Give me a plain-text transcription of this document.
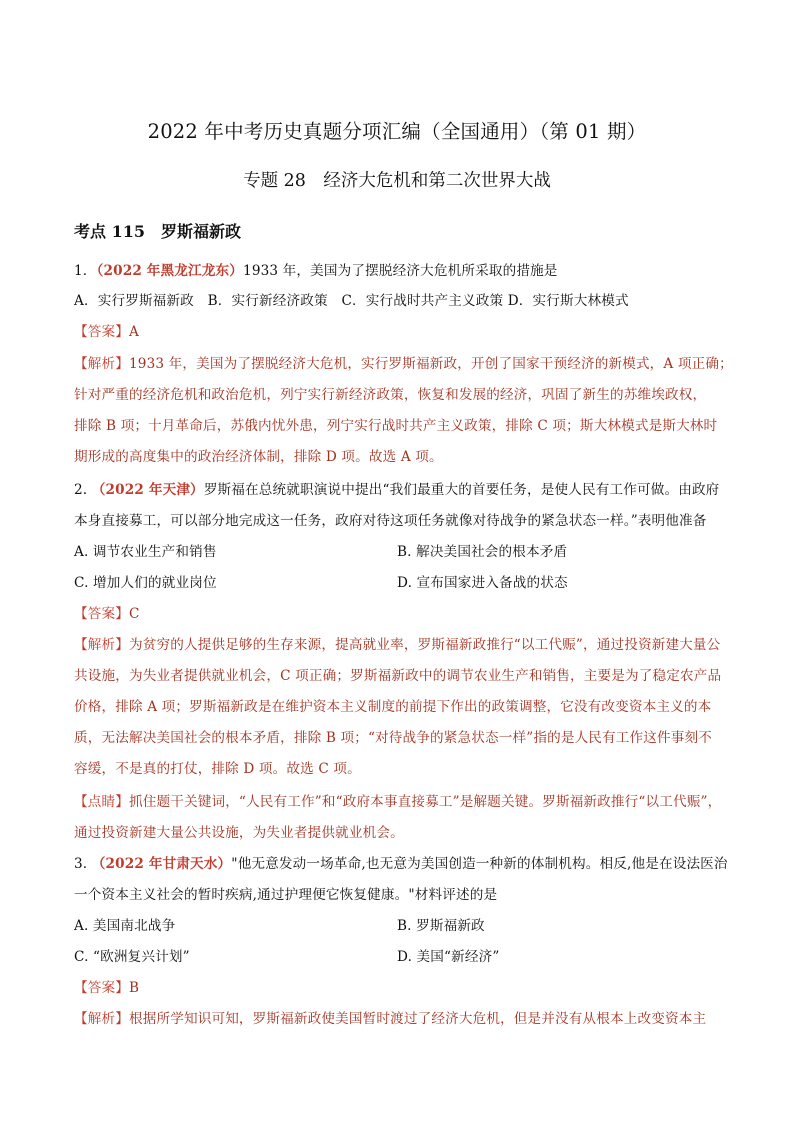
2022 年中考历史真题分项汇编（全国通用）（第 01 期）
专题 28　经济大危机和第二次世界大战
考点 115　罗斯福新政
1．（2022 年黑龙江龙东）1933 年，美国为了摆脱经济大危机所采取的措施是
A．实行罗斯福新政　B．实行新经济政策　C．实行战时共产主义政策 D．实行斯大林模式
【答案】A
【解析】1933 年，美国为了摆脱经济大危机，实行罗斯福新政，开创了国家干预经济的新模式，A 项正确；
针对严重的经济危机和政治危机，列宁实行新经济政策，恢复和发展的经济，巩固了新生的苏维埃政权，
排除 B 项；十月革命后，苏俄内忧外患，列宁实行战时共产主义政策，排除 C 项；斯大林模式是斯大林时
期形成的高度集中的政治经济体制，排除 D 项。故选 A 项。
2. （2022 年天津）罗斯福在总统就职演说中提出“我们最重大的首要任务，是使人民有工作可做。由政府
本身直接募工，可以部分地完成这一任务，政府对待这项任务就像对待战争的紧急状态一样。”表明他准备
A. 调节农业生产和销售	B. 解决美国社会的根本矛盾
C. 增加人们的就业岗位	D. 宣布国家进入备战的状态
【答案】C
【解析】为贫穷的人提供足够的生存来源，提高就业率，罗斯福新政推行“以工代赈”，通过投资新建大量公
共设施，为失业者提供就业机会，C 项正确；罗斯福新政中的调节农业生产和销售，主要是为了稳定农产品
价格，排除 A 项；罗斯福新政是在维护资本主义制度的前提下作出的政策调整，它没有改变资本主义的本
质，无法解决美国社会的根本矛盾，排除 B 项；“对待战争的紧急状态一样”指的是人民有工作这件事刻不
容缓，不是真的打仗，排除 D 项。故选 C 项。
【点睛】抓住题干关键词，“人民有工作”和“政府本事直接募工”是解题关键。罗斯福新政推行“以工代赈”，
通过投资新建大量公共设施，为失业者提供就业机会。
3. （2022 年甘肃天水）"他无意发动一场革命,也无意为美国创造一种新的体制机构。相反,他是在设法医治
一个资本主义社会的暂时疾病,通过护理便它恢复健康。"材料评述的是
A. 美国南北战争	B. 罗斯福新政
C. “欧洲复兴计划”	D. 美国“新经济”
【答案】B
【解析】根据所学知识可知，罗斯福新政使美国暂时渡过了经济大危机，但是并没有从根本上改变资本主
